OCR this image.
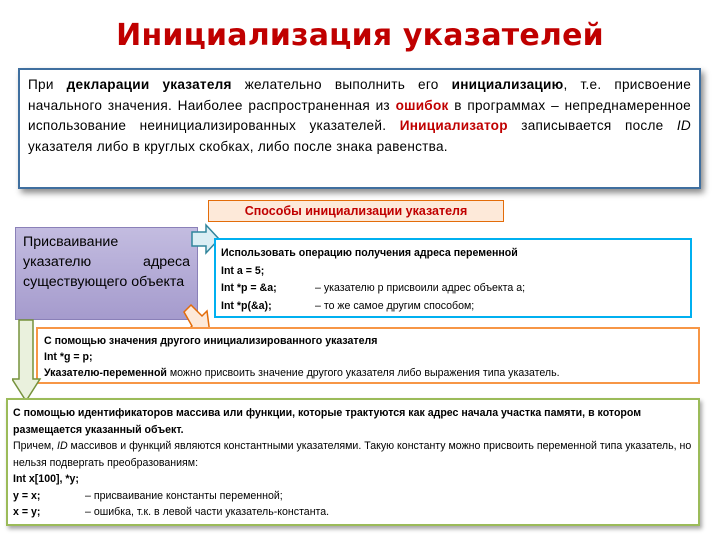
Инициализация указателей
При декларации указателя желательно выполнить его инициализацию, т.е. присвоение начального значения. Наиболее распространенная из ошибок в программах – непреднамеренное использование неинициализированных указателей. Инициализатор записывается после ID указателя либо в круглых скобках, либо после знака равенства.
Способы инициализации указателя
Присваивание указателю адреса существующего объекта
Использовать операцию получения адреса переменной
Int a = 5;
Int *p = &a;	– указателю p присвоили адрес объекта a;
Int *p(&a);	– то же самое другим способом;
С помощью значения другого инициализированного указателя
Int *g = p;
Указателю-переменной можно присвоить значение другого указателя либо выражения типа указатель.
С помощью идентификаторов массива или функции, которые трактуются как адрес начала участка памяти, в котором размещается указанный объект.
Причем, ID массивов и функций являются константными указателями. Такую константу можно присвоить переменной типа указатель, но нельзя подвергать преобразованиям:
Int x[100], *y;
y = x;	– присваивание константы переменной;
x = y;	– ошибка, т.к. в левой части указатель-константа.
